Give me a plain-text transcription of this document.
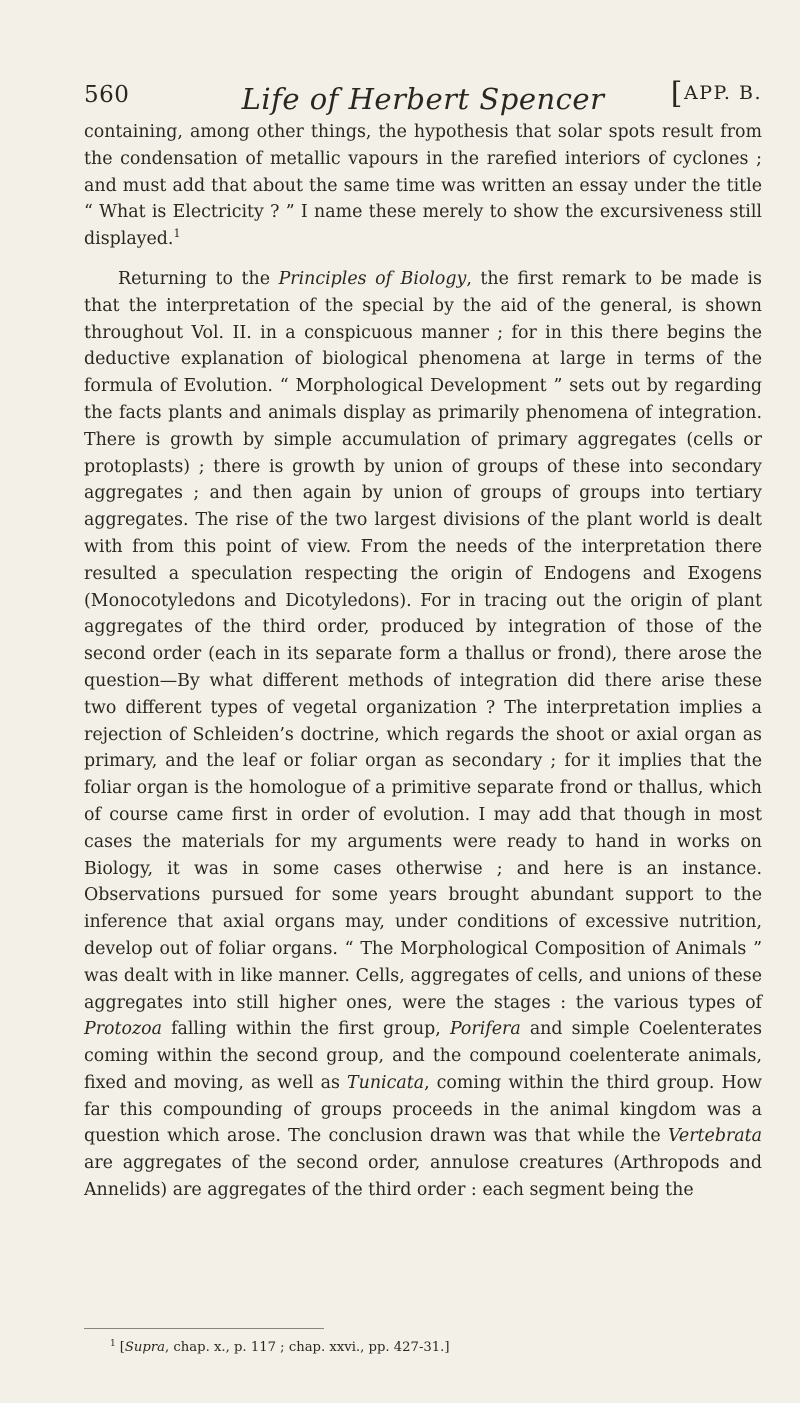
560	Life of Herbert Spencer	[APP. B.

containing, among other things, the hypothesis that solar spots result from the condensation of metallic vapours in the rarefied interiors of cyclones ; and must add that about the same time was written an essay under the title “ What is Electricity ? ” I name these merely to show the excursiveness still displayed.$^1$

Returning to the Principles of Biology, the first remark to be made is that the interpretation of the special by the aid of the general, is shown throughout Vol. II. in a conspicuous manner ; for in this there begins the deductive explanation of biological phenomena at large in terms of the formula of Evolution. “ Morphological Development ” sets out by regarding the facts plants and animals display as primarily phenomena of integration. There is growth by simple accumulation of primary aggregates (cells or protoplasts) ; there is growth by union of groups of these into secondary aggregates ; and then again by union of groups of groups into tertiary aggregates. The rise of the two largest divisions of the plant world is dealt with from this point of view. From the needs of the interpretation there resulted a speculation respecting the origin of Endogens and Exogens (Monocotyledons and Dicotyledons). For in tracing out the origin of plant aggregates of the third order, produced by integration of those of the second order (each in its separate form a thallus or frond), there arose the question—By what different methods of integration did there arise these two different types of vegetal organization ? The interpretation implies a rejection of Schleiden’s doctrine, which regards the shoot or axial organ as primary, and the leaf or foliar organ as secondary ; for it implies that the foliar organ is the homologue of a primitive separate frond or thallus, which of course came first in order of evolution. I may add that though in most cases the materials for my arguments were ready to hand in works on Biology, it was in some cases otherwise ; and here is an instance. Observations pursued for some years brought abundant support to the inference that axial organs may, under conditions of excessive nutrition, develop out of foliar organs. “ The Morphological Composition of Animals ” was dealt with in like manner. Cells, aggregates of cells, and unions of these aggregates into still higher ones, were the stages : the various types of Protozoa falling within the first group, Porifera and simple Coelenterates coming within the second group, and the compound coelenterate animals, fixed and moving, as well as Tunicata, coming within the third group. How far this compounding of groups proceeds in the animal kingdom was a question which arose. The conclusion drawn was that while the Vertebrata are aggregates of the second order, annulose creatures (Arthropods and Annelids) are aggregates of the third order : each segment being the

$^1$ [Supra, chap. x., p. 117 ; chap. xxvi., pp. 427-31.]
